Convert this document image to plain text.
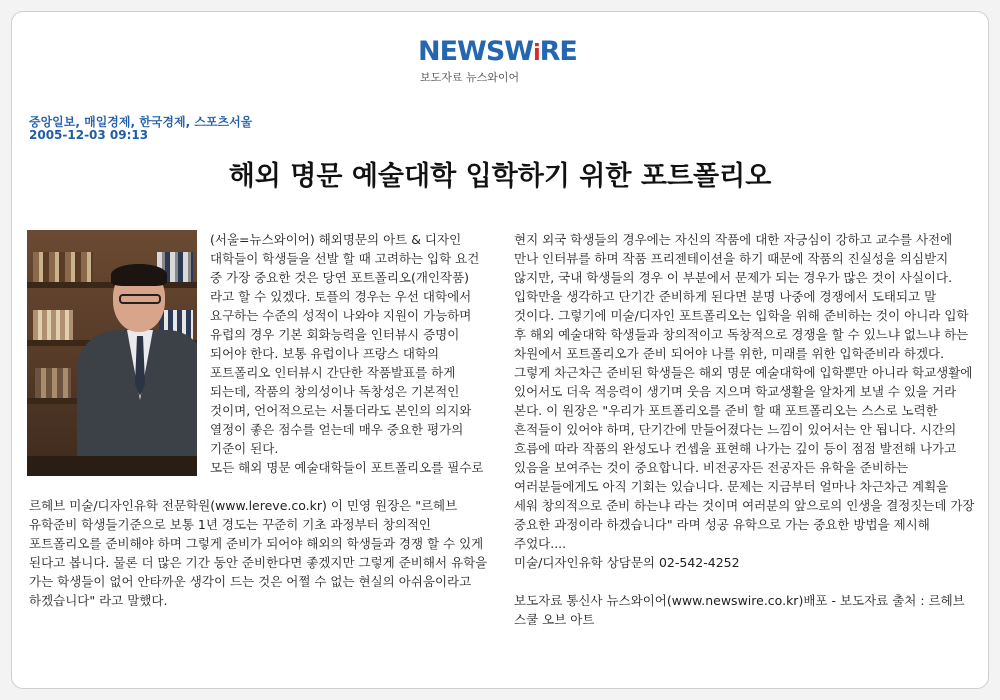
NEWSWiRE
보도자료 뉴스와이어
중앙일보, 매일경제, 한국경제, 스포츠서울
2005-12-03 09:13
해외 명문 예술대학 입학하기 위한 포트폴리오

(서울=뉴스와이어) 해외명문의 아트 & 디자인

대학들이 학생들을 선발 할 때 고려하는 입학 요건

중 가장 중요한 것은 당연 포트폴리오(개인작품)

라고 할 수 있겠다. 토플의 경우는 우선 대학에서

요구하는 수준의 성적이 나와야 지원이 가능하며

유럽의 경우 기본 회화능력을 인터뷰시 증명이

되어야 한다. 보통 유럽이나 프랑스 대학의

포트폴리오 인터뷰시 간단한 작품발표를 하게

되는데, 작품의 창의성이나 독창성은 기본적인

것이며, 언어적으로는 서툴더라도 본인의 의지와

열정이 좋은 점수를 얻는데 매우 중요한 평가의

기준이 된다.

모든 해외 명문 예술대학들이 포트폴리오를 필수로

르헤브 미술/디자인유학 전문학원(www.lereve.co.kr) 이 민영 원장은 "르헤브

유학준비 학생들기준으로 보통 1년 경도는 꾸준히 기초 과정부터 창의적인

포트폴리오를 준비해야 하며 그렇게 준비가 되어야 해외의 학생들과 경쟁 할 수 있게

된다고 봅니다. 물론 더 많은 기간 동안 준비한다면 좋겠지만 그렇게 준비해서 유학을

가는 학생들이 없어 안타까운 생각이 드는 것은 어쩔 수 없는 현실의 아쉬움이라고

하겠습니다" 라고 말했다.

현지 외국 학생들의 경우에는 자신의 작품에 대한 자긍심이 강하고 교수를 사전에

만나 인터뷰를 하며 작품 프리젠테이션을 하기 때문에 작품의 진실성을 의심받지

않지만, 국내 학생들의 경우 이 부분에서 문제가 되는 경우가 많은 것이 사실이다.

입학만을 생각하고 단기간 준비하게 된다면 분명 나중에 경쟁에서 도태되고 말

것이다. 그렇기에 미술/디자인 포트폴리오는 입학을 위해 준비하는 것이 아니라 입학

후 해외 예술대학 학생들과 창의적이고 독창적으로 경쟁을 할 수 있느냐 없느냐 하는

차원에서 포트폴리오가 준비 되어야 나를 위한, 미래를 위한 입학준비라 하겠다.

그렇게 차근차근 준비된 학생들은 해외 명문 예술대학에 입학뿐만 아니라 학교생활에

있어서도 더욱 적응력이 생기며 웃음 지으며 학교생활을 알차게 보낼 수 있을 거라

본다. 이 원장은 "우리가 포트폴리오를 준비 할 때 포트폴리오는 스스로 노력한

흔적들이 있어야 하며, 단기간에 만들어졌다는 느낌이 있어서는 안 됩니다. 시간의

흐름에 따라 작품의 완성도나 컨셉을 표현해 나가는 깊이 등이 점점 발전해 나가고

있음을 보여주는 것이 중요합니다. 비전공자든 전공자든 유학을 준비하는

여러분들에게도 아직 기회는 있습니다. 문제는 지금부터 얼마나 차근차근 계획을

세워 창의적으로 준비 하는냐 라는 것이며 여러분의 앞으로의 인생을 결정짓는데 가장

중요한 과정이라 하겠습니다" 라며 성공 유학으로 가는 중요한 방법을 제시해

주었다....

미술/디자인유학 상담문의 02-542-4252

보도자료 통신사 뉴스와이어(www.newswire.co.kr)배포 - 보도자료 출처 : 르헤브

스쿨 오브 아트
